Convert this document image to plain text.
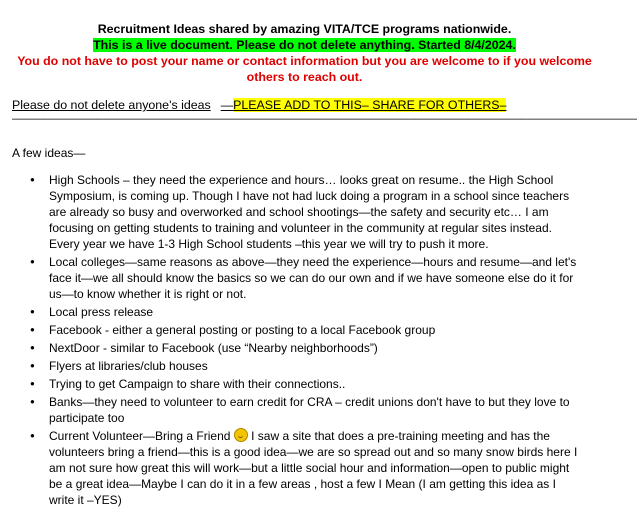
Recruitment Ideas shared by amazing VITA/TCE programs nationwide.
This is a live document. Please do not delete anything. Started 8/4/2024.
You do not have to post your name or contact information but you are welcome to if you welcome
others to reach out.
Please do not delete anyone's ideas —PLEASE ADD TO THIS– SHARE FOR OTHERS–
———————————————————————————————————————————————————————————
A few ideas—
● High Schools – they need the experience and hours… looks great on resume.. the High School Symposium, is coming up. Though I have not had luck doing a program in a school since teachers are already so busy and overworked and school shootings—the safety and security etc… I am focusing on getting students to training and volunteer in the community at regular sites instead. Every year we have 1-3 High School students –this year we will try to push it more.
● Local colleges—same reasons as above—they need the experience—hours and resume—and let's face it—we all should know the basics so we can do our own and if we have someone else do it for us—to know whether it is right or not.
● Local press release
● Facebook - either a general posting or posting to a local Facebook group
● NextDoor - similar to Facebook (use “Nearby neighborhoods”)
● Flyers at libraries/club houses
● Trying to get Campaign to share with their connections..
● Banks—they need to volunteer to earn credit for CRA – credit unions don't have to but they love to participate too
● Current Volunteer—Bring a Friend  I saw a site that does a pre-training meeting and has the volunteers bring a friend—this is a good idea—we are so spread out and so many snow birds here I am not sure how great this will work—but a little social hour and information—open to public might be a great idea—Maybe I can do it in a few areas , host a few I Mean (I am getting this idea as I write it –YES)
